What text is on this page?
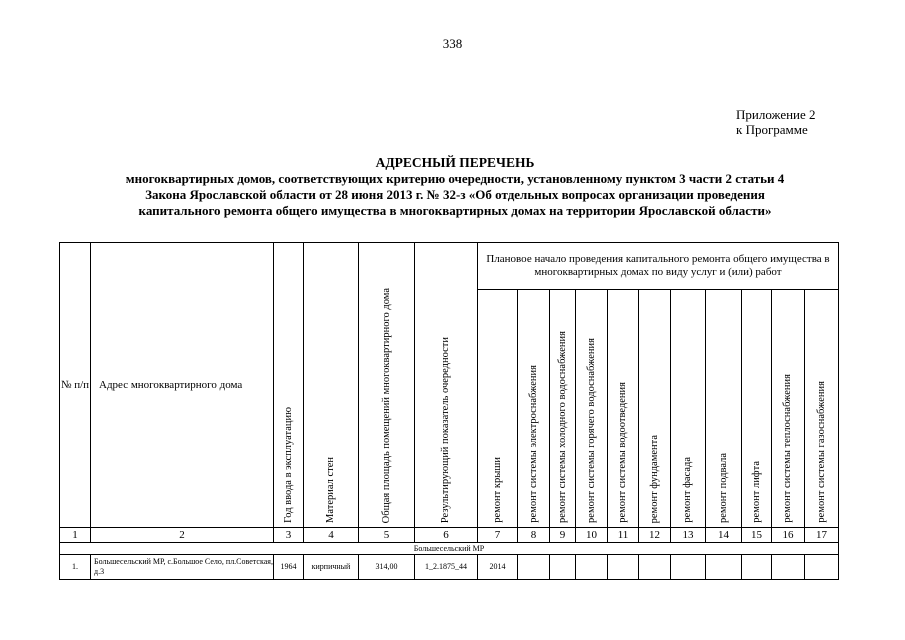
338
Приложение 2
к Программе
АДРЕСНЫЙ ПЕРЕЧЕНЬ
многоквартирных домов, соответствующих критерию очередности, установленному пунктом 3 части 2 статьи 4
Закона Ярославской области от 28 июня 2013 г. № 32-з «Об отдельных вопросах организации проведения
капитального ремонта общего имущества в многоквартирных домах на территории Ярославской области»
№ п/п	Адрес многоквартирного дома	Год ввода в эксплуатацию	Материал стен	Общая площадь помещений многоквартирного дома	Результирующий показатель очередности	Плановое начало проведения капитального ремонта общего имущества в многоквартирных домах по виду услуг и (или) работ										

						ремонт крыши	ремонт системы электроснабжения	ремонт системы холодного водоснабжения	ремонт системы горячего водоснабжения	ремонт системы водоотведения	ремонт фундамента	ремонт фасада	ремонт подвала	ремонт лифта	ремонт системы теплоснабжения	ремонт системы газоснабжения

1	2	3	4	5	6	7	8	9	10	11	12	13	14	15	16	17
Большесельский МР																
1.	Большесельский МР, с.Большое Село, пл.Советская, д.3	1964	кирпичный	314,00	1_2.1875_44	2014										
